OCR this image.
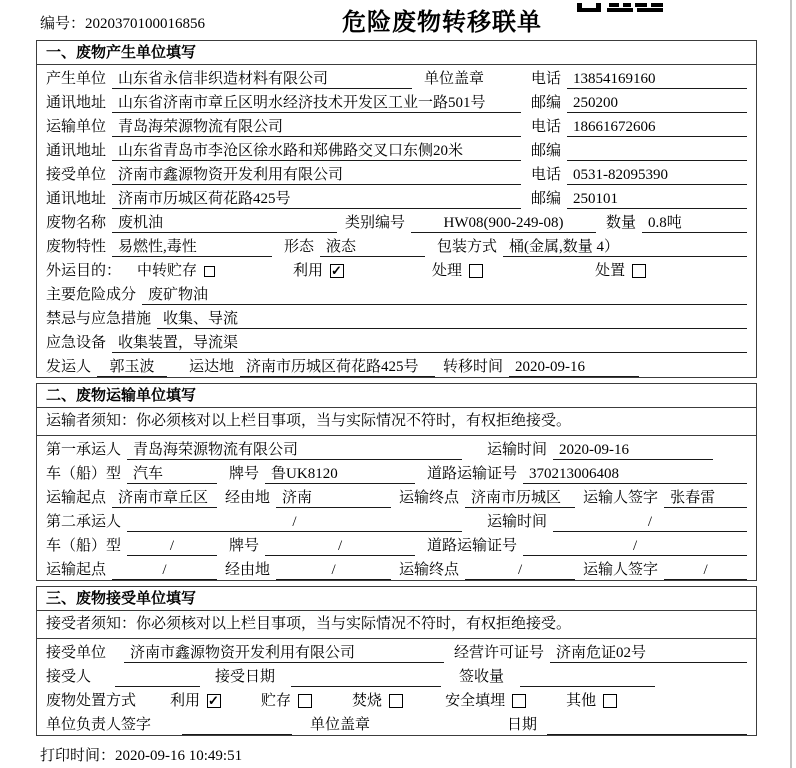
编号：2020370100016856	危险废物转移联单
一、废物产生单位填写
产生单位 山东省永信非织造材料有限公司	单位盖章	电话 13854169160
通讯地址 山东省济南市章丘区明水经济技术开发区工业一路501号	邮编 250200
运输单位 青岛海荣源物流有限公司	电话 18661672606
通讯地址 山东省青岛市李沧区徐水路和郑佛路交叉口东侧20米	邮编
接受单位 济南市鑫源物资开发利用有限公司	电话 0531-82095390
通讯地址 济南市历城区荷花路425号	邮编 250101
废物名称 废机油	类别编号	HW08(900-249-08)	数量 0.8吨
废物特性 易燃性,毒性	形态 液态	包装方式 桶(金属,数量 4）
外运目的： 中转贮存	利用 ✓	处理	处置
主要危险成分 废矿物油
禁忌与应急措施 收集、导流
应急设备 收集装置，导流渠
发运人	郭玉波	运达地 济南市历城区荷花路425号	转移时间 2020-09-16
二、废物运输单位填写
运输者须知：你必须核对以上栏目事项，当与实际情况不符时，有权拒绝接受。
第一承运人 青岛海荣源物流有限公司	运输时间 2020-09-16
车（船）型 汽车	牌号 鲁UK8120	道路运输证号 370213006408
运输起点 济南市章丘区	经由地 济南	运输终点 济南市历城区	运输人签字 张春雷
第二承运人	/	运输时间	/
车（船）型	/	牌号	/	道路运输证号	/
运输起点	/	经由地	/	运输终点	/	运输人签字	/
三、废物接受单位填写
接受者须知：你必须核对以上栏目事项，当与实际情况不符时，有权拒绝接受。
接受单位	济南市鑫源物资开发利用有限公司	经营许可证号 济南危证02号
接受人	接受日期	签收量
废物处置方式 利用 ✓	贮存	焚烧	安全填埋	其他
单位负责人签字	单位盖章	日期
打印时间：2020-09-16 10:49:51
